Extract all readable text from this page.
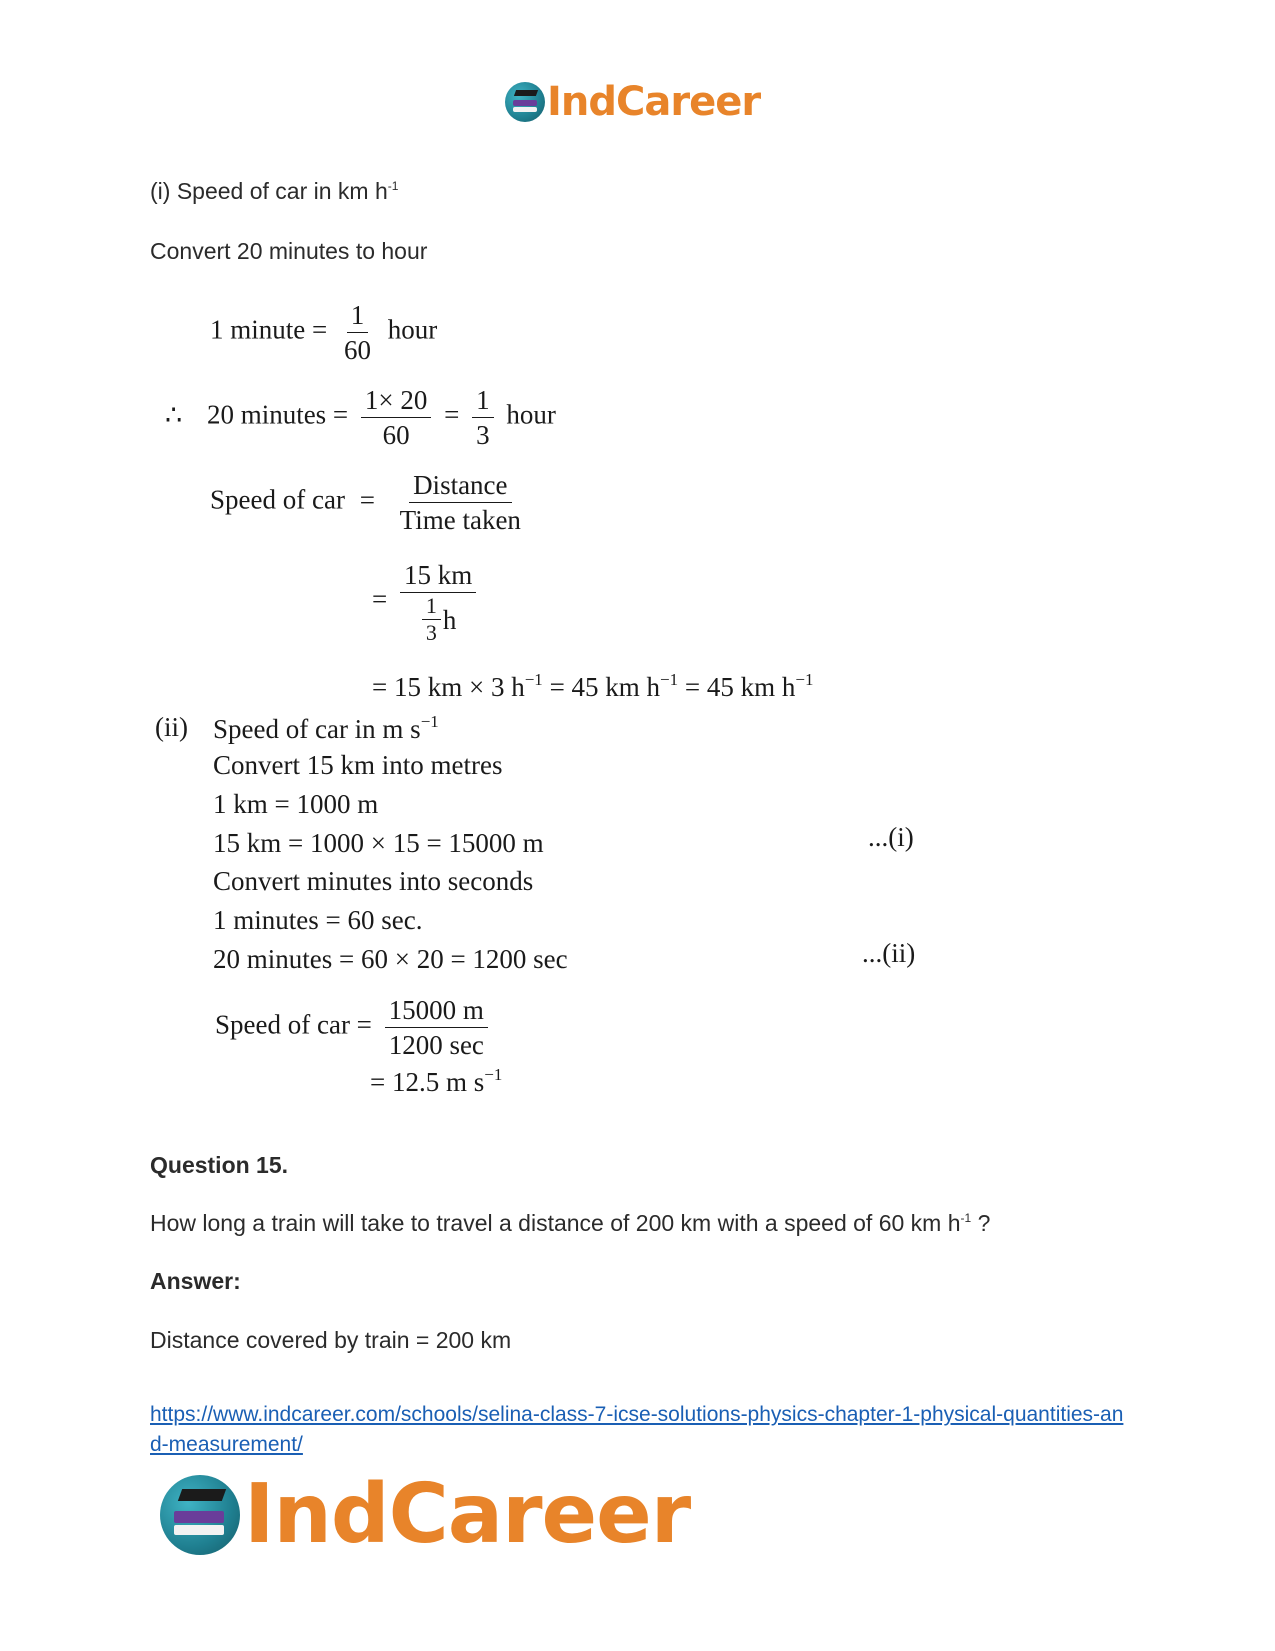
IndCareer
(i) Speed of car in km $h^{-1}$
Convert 20 minutes to hour
1 minute = $\frac{1}{60}$ hour
∴ 20 minutes = $\frac{1\times 20}{60} = \frac{1}{3}$ hour
Speed of car = $\frac{\text{Distance}}{\text{Time taken}}$
= $\frac{15 km}{\frac{1}{3} h}$
= 15 km × 3 $h^{-1} = 45$ km $h^{-1} = 45$ km $h^{-1}$
(ii) Speed of car in m $s^{-1}$
Convert 15 km into metres
1 km = 1000 m
15 km = 1000 × 15 = 15000 m	...(i)
Convert minutes into seconds
1 minutes = 60 sec.
20 minutes = 60 × 20 = 1200 sec	...(ii)
Speed of car = $\frac{15000 m}{1200 \sec}$
= 12.5 m $s^{-1}$
Question 15.
How long a train will take to travel a distance of 200 km with a speed of 60 km $h^{-1}$ ?
Answer:
Distance covered by train = 200 km
https://www.indcareer.com/schools/selina-class-7-icse-solutions-physics-chapter-1-physical-quantities-and-measurement/
IndCareer
